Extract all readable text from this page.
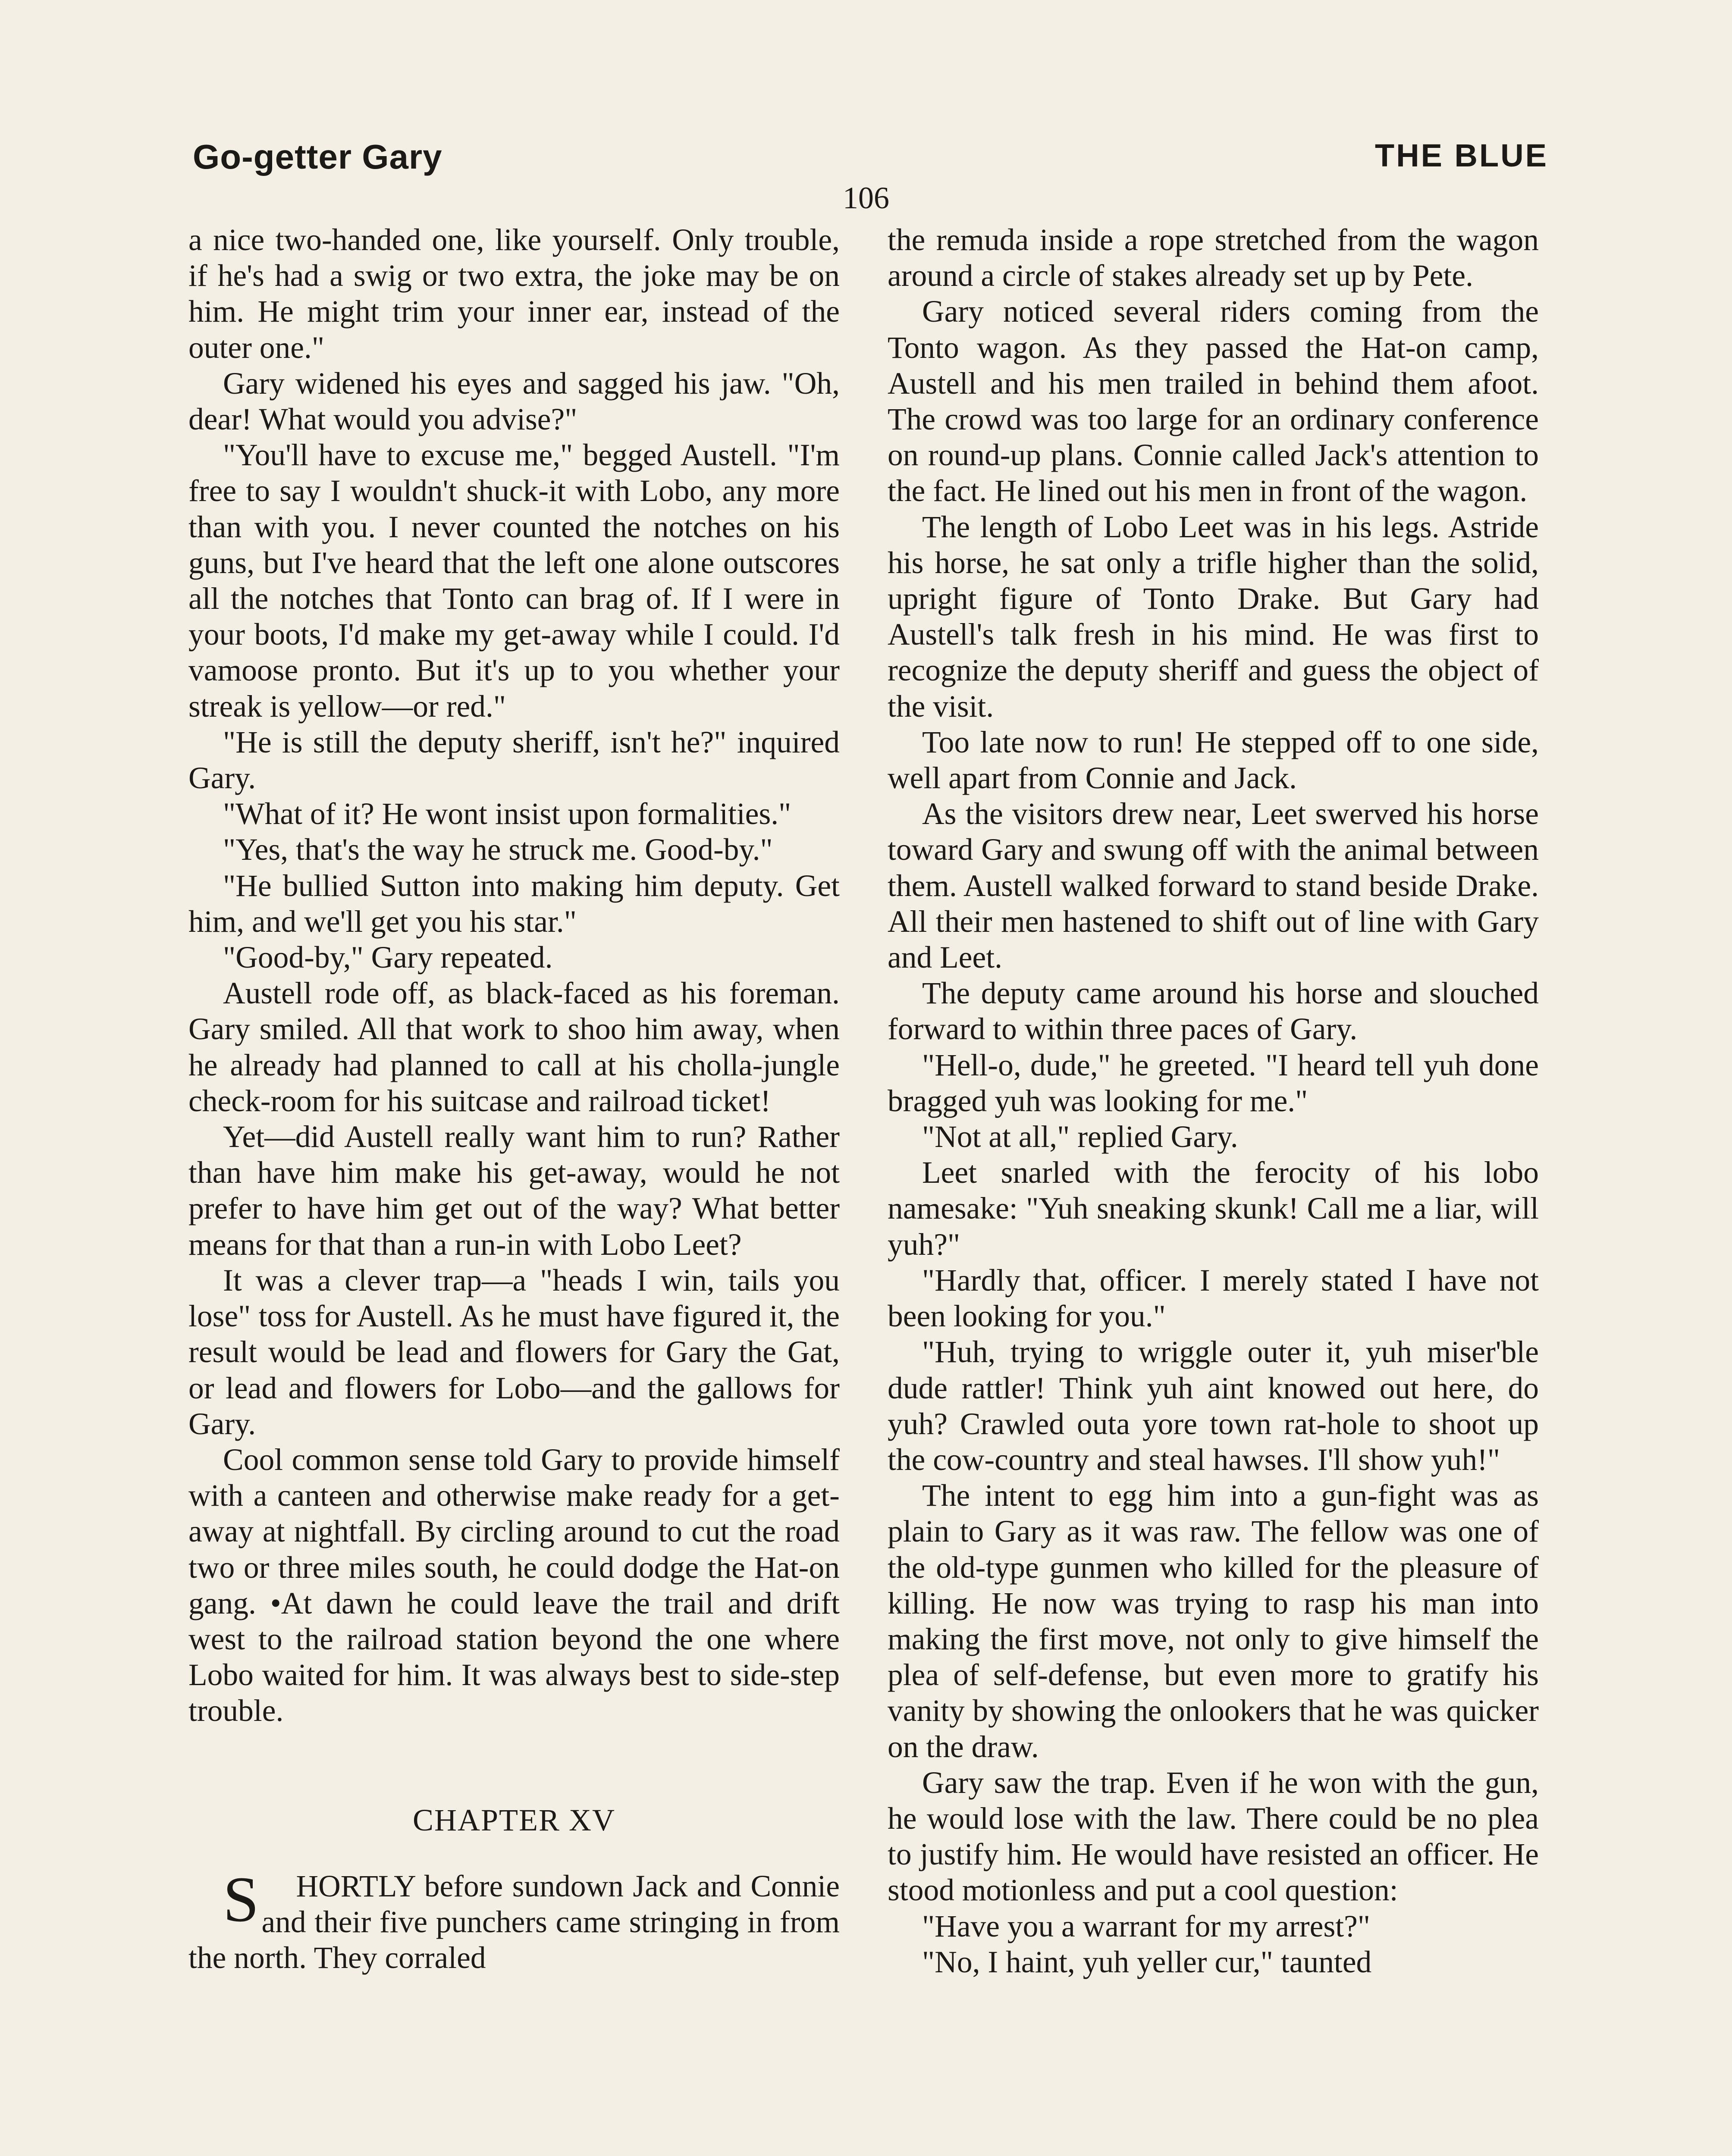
Go-getter Gary	THE BLUE
106

a nice two-handed one, like yourself. Only trouble, if he's had a swig or two extra, the joke may be on him. He might trim your inner ear, instead of the outer one."

Gary widened his eyes and sagged his jaw. "Oh, dear! What would you advise?"

"You'll have to excuse me," begged Austell. "I'm free to say I wouldn't shuck-it with Lobo, any more than with you. I never counted the notches on his guns, but I've heard that the left one alone outscores all the notches that Tonto can brag of. If I were in your boots, I'd make my get-away while I could. I'd vamoose pronto. But it's up to you whether your streak is yellow—or red."

"He is still the deputy sheriff, isn't he?" inquired Gary.

"What of it? He wont insist upon formalities."

"Yes, that's the way he struck me. Good-by."

"He bullied Sutton into making him deputy. Get him, and we'll get you his star."

"Good-by," Gary repeated.

Austell rode off, as black-faced as his foreman. Gary smiled. All that work to shoo him away, when he already had planned to call at his cholla-jungle check-room for his suitcase and railroad ticket!

Yet—did Austell really want him to run? Rather than have him make his get-away, would he not prefer to have him get out of the way? What better means for that than a run-in with Lobo Leet?

It was a clever trap—a "heads I win, tails you lose" toss for Austell. As he must have figured it, the result would be lead and flowers for Gary the Gat, or lead and flowers for Lobo—and the gallows for Gary.

Cool common sense told Gary to provide himself with a canteen and otherwise make ready for a get-away at nightfall. By circling around to cut the road two or three miles south, he could dodge the Hat-on gang. •At dawn he could leave the trail and drift west to the railroad station beyond the one where Lobo waited for him. It was always best to side-step trouble.

CHAPTER XV

S HORTLY before sundown Jack and Connie and their five punchers came stringing in from the north. They corraled

the remuda inside a rope stretched from the wagon around a circle of stakes already set up by Pete.

Gary noticed several riders coming from the Tonto wagon. As they passed the Hat-on camp, Austell and his men trailed in behind them afoot. The crowd was too large for an ordinary conference on round-up plans. Connie called Jack's attention to the fact. He lined out his men in front of the wagon.

The length of Lobo Leet was in his legs. Astride his horse, he sat only a trifle higher than the solid, upright figure of Tonto Drake. But Gary had Austell's talk fresh in his mind. He was first to recognize the deputy sheriff and guess the object of the visit.

Too late now to run! He stepped off to one side, well apart from Connie and Jack.

As the visitors drew near, Leet swerved his horse toward Gary and swung off with the animal between them. Austell walked forward to stand beside Drake. All their men hastened to shift out of line with Gary and Leet.

The deputy came around his horse and slouched forward to within three paces of Gary.

"Hell-o, dude," he greeted. "I heard tell yuh done bragged yuh was looking for me."

"Not at all," replied Gary.

Leet snarled with the ferocity of his lobo namesake: "Yuh sneaking skunk! Call me a liar, will yuh?"

"Hardly that, officer. I merely stated I have not been looking for you."

"Huh, trying to wriggle outer it, yuh miser'ble dude rattler! Think yuh aint knowed out here, do yuh? Crawled outa yore town rat-hole to shoot up the cow-country and steal hawses. I'll show yuh!"

The intent to egg him into a gun-fight was as plain to Gary as it was raw. The fellow was one of the old-type gunmen who killed for the pleasure of killing. He now was trying to rasp his man into making the first move, not only to give himself the plea of self-defense, but even more to gratify his vanity by showing the onlookers that he was quicker on the draw.

Gary saw the trap. Even if he won with the gun, he would lose with the law. There could be no plea to justify him. He would have resisted an officer. He stood motionless and put a cool question:

"Have you a warrant for my arrest?"

"No, I haint, yuh yeller cur," taunted
